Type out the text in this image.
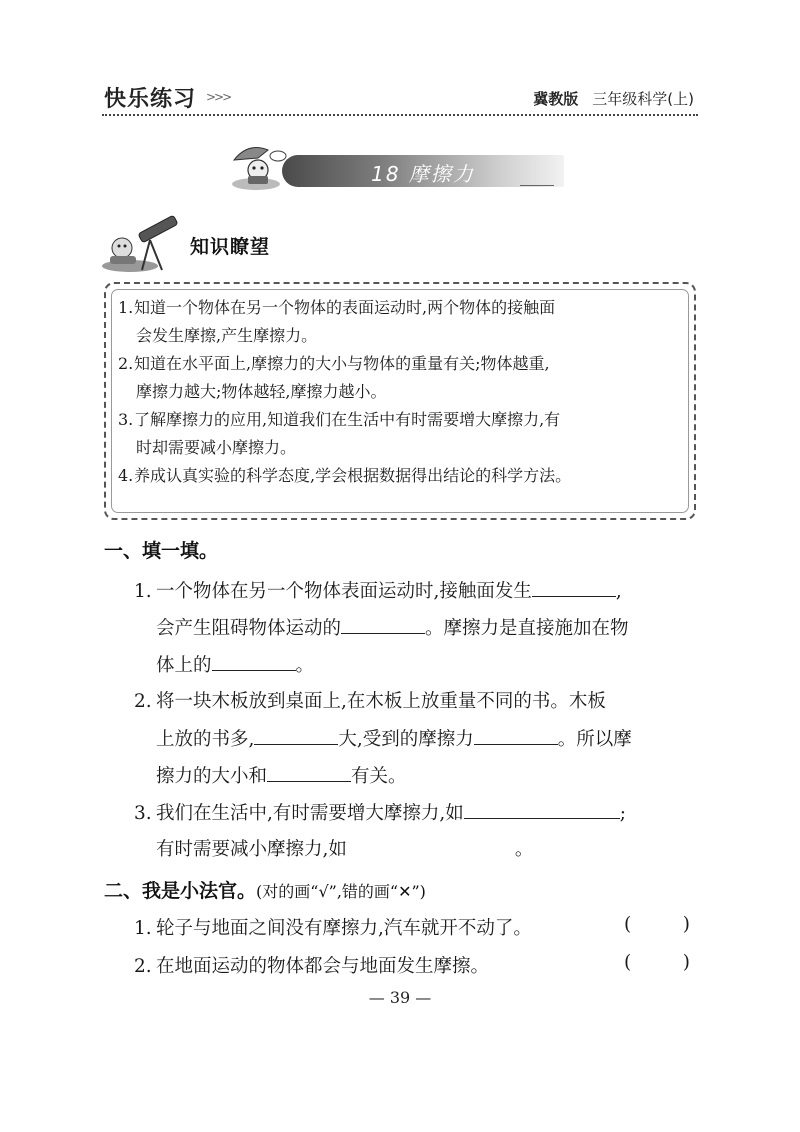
快乐练习 >>>	冀教版 三年级科学(上)
18 摩擦力
知识瞭望
1.知道一个物体在另一个物体的表面运动时,两个物体的接触面
会发生摩擦,产生摩擦力。
2.知道在水平面上,摩擦力的大小与物体的重量有关;物体越重,
摩擦力越大;物体越轻,摩擦力越小。
3.了解摩擦力的应用,知道我们在生活中有时需要增大摩擦力,有
时却需要减小摩擦力。
4.养成认真实验的科学态度,学会根据数据得出结论的科学方法。
一、填一填。
1. 一个物体在另一个物体表面运动时,接触面发生	,
会产生阻碍物体运动的	。摩擦力是直接施加在物
体上的	。
2. 将一块木板放到桌面上,在木板上放重量不同的书。木板
上放的书多,	大,受到的摩擦力	。所以摩
擦力的大小和	有关。
3. 我们在生活中,有时需要增大摩擦力,如	;
有时需要减小摩擦力,如	。
二、我是小法官。(对的画“√”,错的画“✕”)
1. 轮子与地面之间没有摩擦力,汽车就开不动了。	(	)
2. 在地面运动的物体都会与地面发生摩擦。	(	)
— 39 —
